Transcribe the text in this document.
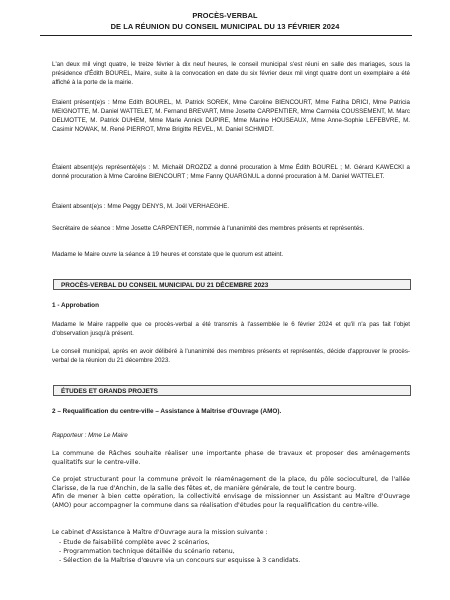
PROCÈS-VERBAL
DE LA RÉUNION DU CONSEIL MUNICIPAL DU 13 FÉVRIER 2024

L'an deux mil vingt quatre, le treize février à dix neuf heures, le conseil municipal s'est réuni en salle des mariages, sous la présidence d'Édith BOUREL, Maire, suite à la convocation en date du six février deux mil vingt quatre dont un exemplaire a été affiché à la porte de la mairie.

Etaient présent(e)s : Mme Edith BOUREL, M. Patrick SOREK, Mme Caroline BIENCOURT, Mme Fatiha DRICI, Mme Patricia MEIGNOTTE, M. Daniel WATTELET, M. Fernand BREVART, Mme Josette CARPENTIER, Mme Carméla COUSSEMENT, M. Marc DELMOTTE, M. Patrick DUHEM, Mme Marie Annick DUPIRE, Mme Marine HOUSEAUX, Mme Anne-Sophie LEFEBVRE, M. Casimir NOWAK, M. René PIERROT, Mme Brigitte REVEL, M. Daniel SCHMIDT.

Étaient absent(e)s représenté(e)s : M. Michaël DROZDZ a donné procuration à Mme Édith BOUREL ; M. Gérard KAWECKI a donné procuration à Mme Caroline BIENCOURT ; Mme Fanny QUARGNUL a donné procuration à M. Daniel WATTELET.

Étaient absent(e)s : Mme Peggy DENYS, M. Joël VERHAEGHE.

Secrétaire de séance : Mme Josette CARPENTIER, nommée à l'unanimité des membres présents et représentés.

Madame le Maire ouvre la séance à 19 heures et constate que le quorum est atteint.

PROCÈS-VERBAL DU CONSEIL MUNICIPAL DU 21 DÉCEMBRE 2023
1 - Approbation

Madame le Maire rappelle que ce procès-verbal a été transmis à l'assemblée le 6 février 2024 et qu'il n'a pas fait l'objet d'observation jusqu'à présent.

Le conseil municipal, après en avoir délibéré à l'unanimité des membres présents et représentés, décide d'approuver le procès-verbal de la réunion du 21 décembre 2023.

ÉTUDES ET GRANDS PROJETS
2 – Requalification du centre-ville – Assistance à Maîtrise d'Ouvrage (AMO).
Rapporteur : Mme Le Maire

La commune de Râches souhaite réaliser une importante phase de travaux et proposer des aménagements qualitatifs sur le centre-ville.

Ce projet structurant pour la commune prévoit le réaménagement de la place, du pôle socioculturel, de l'allée Clarisse, de la rue d'Anchin, de la salle des fêtes et, de manière générale, de tout le centre bourg.

Afin de mener à bien cette opération, la collectivité envisage de missionner un Assistant au Maître d'Ouvrage (AMO) pour accompagner la commune dans sa réalisation d'études pour la requalification du centre-ville.

Le cabinet d'Assistance à Maître d'Ouvrage aura la mission suivante :

- Etude de faisabilité complète avec 2 scénarios,
- Programmation technique détaillée du scénario retenu,
- Sélection de la Maîtrise d'œuvre via un concours sur esquisse à 3 candidats.
